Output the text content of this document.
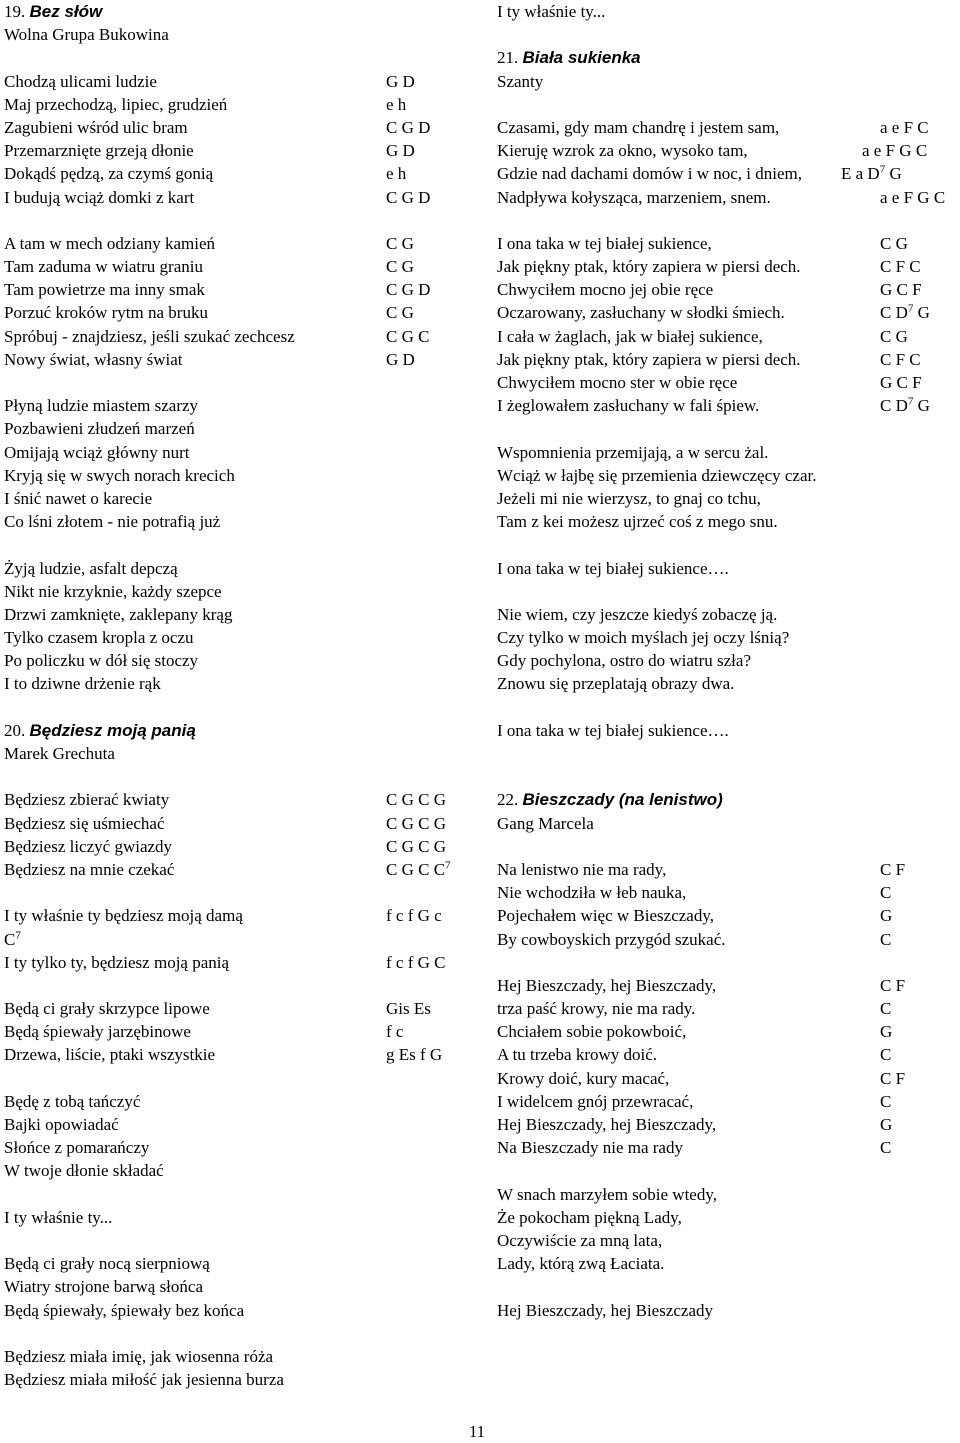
19. Bez słów
Wolna Grupa Bukowina
Chodzą ulicami ludzie	G D
Maj przechodzą, lipiec, grudzień	e h
Zagubieni wśród ulic bram	C G D
Przemarznięte grzeją dłonie	G D
Dokądś pędzą, za czymś gonią	e h
I budują wciąż domki z kart	C G D
A tam w mech odziany kamień	C G
Tam zaduma w wiatru graniu	C G
Tam powietrze ma inny smak	C G D
Porzuć kroków rytm na bruku	C G
Spróbuj - znajdziesz, jeśli szukać zechcesz	C G C
Nowy świat, własny świat	G D
Płyną ludzie miastem szarzy
Pozbawieni złudzeń marzeń
Omijają wciąż główny nurt
Kryją się w swych norach krecich
I śnić nawet o karecie
Co lśni złotem - nie potrafią już
Żyją ludzie, asfalt depczą
Nikt nie krzyknie, każdy szepce
Drzwi zamknięte, zaklepany krąg
Tylko czasem kropla z oczu
Po policzku w dół się stoczy
I to dziwne drżenie rąk
20. Będziesz moją panią
Marek Grechuta
Będziesz zbierać kwiaty	C G C G
Będziesz się uśmiechać	C G C G
Będziesz liczyć gwiazdy	C G C G
Będziesz na mnie czekać	C G C $C^7$
I ty właśnie ty będziesz moją damą	f c f G c
$C^7$
I ty tylko ty, będziesz moją panią	f c f G C
Będą ci grały skrzypce lipowe	Gis Es
Będą śpiewały jarzębinowe	f c
Drzewa, liście, ptaki wszystkie	g Es f G
Będę z tobą tańczyć
Bajki opowiadać
Słońce z pomarańczy
W twoje dłonie składać
I ty właśnie ty...
Będą ci grały nocą sierpniową
Wiatry strojone barwą słońca
Będą śpiewały, śpiewały bez końca
Będziesz miała imię, jak wiosenna róża
Będziesz miała miłość jak jesienna burza
I ty właśnie ty...
21. Biała sukienka
Szanty
Czasami, gdy mam chandrę i jestem sam,	a e F C
Kieruję wzrok za okno, wysoko tam,	a e F G C
Gdzie nad dachami domów i w noc, i dniem, E a $D^7$ G
Nadpływa kołysząca, marzeniem, snem.	a e F G C
I ona taka w tej białej sukience,	C G
Jak piękny ptak, który zapiera w piersi dech.	C F C
Chwyciłem mocno jej obie ręce	G C F
Oczarowany, zasłuchany w słodki śmiech.	C $D^7$ G
I cała w żaglach, jak w białej sukience,	C G
Jak piękny ptak, który zapiera w piersi dech.	C F C
Chwyciłem mocno ster w obie ręce	G C F
I żeglowałem zasłuchany w fali śpiew.	C $D^7$ G
Wspomnienia przemijają, a w sercu żal.
Wciąż w łajbę się przemienia dziewczęcy czar.
Jeżeli mi nie wierzysz, to gnaj co tchu,
Tam z kei możesz ujrzeć coś z mego snu.
I ona taka w tej białej sukience….
Nie wiem, czy jeszcze kiedyś zobaczę ją.
Czy tylko w moich myślach jej oczy lśnią?
Gdy pochylona, ostro do wiatru szła?
Znowu się przeplatają obrazy dwa.
I ona taka w tej białej sukience….
22. Bieszczady (na lenistwo)
Gang Marcela
Na lenistwo nie ma rady,	C F
Nie wchodziła w łeb nauka,	C
Pojechałem więc w Bieszczady,	G
By cowboyskich przygód szukać.	C
Hej Bieszczady, hej Bieszczady,	C F
trza paść krowy, nie ma rady.	C
Chciałem sobie pokowboić,	G
A tu trzeba krowy doić.	C
Krowy doić, kury macać,	C F
I widelcem gnój przewracać,	C
Hej Bieszczady, hej Bieszczady,	G
Na Bieszczady nie ma rady	C
W snach marzyłem sobie wtedy,
Że pokocham piękną Lady,
Oczywiście za mną lata,
Lady, którą zwą Łaciata.
Hej Bieszczady, hej Bieszczady
11
